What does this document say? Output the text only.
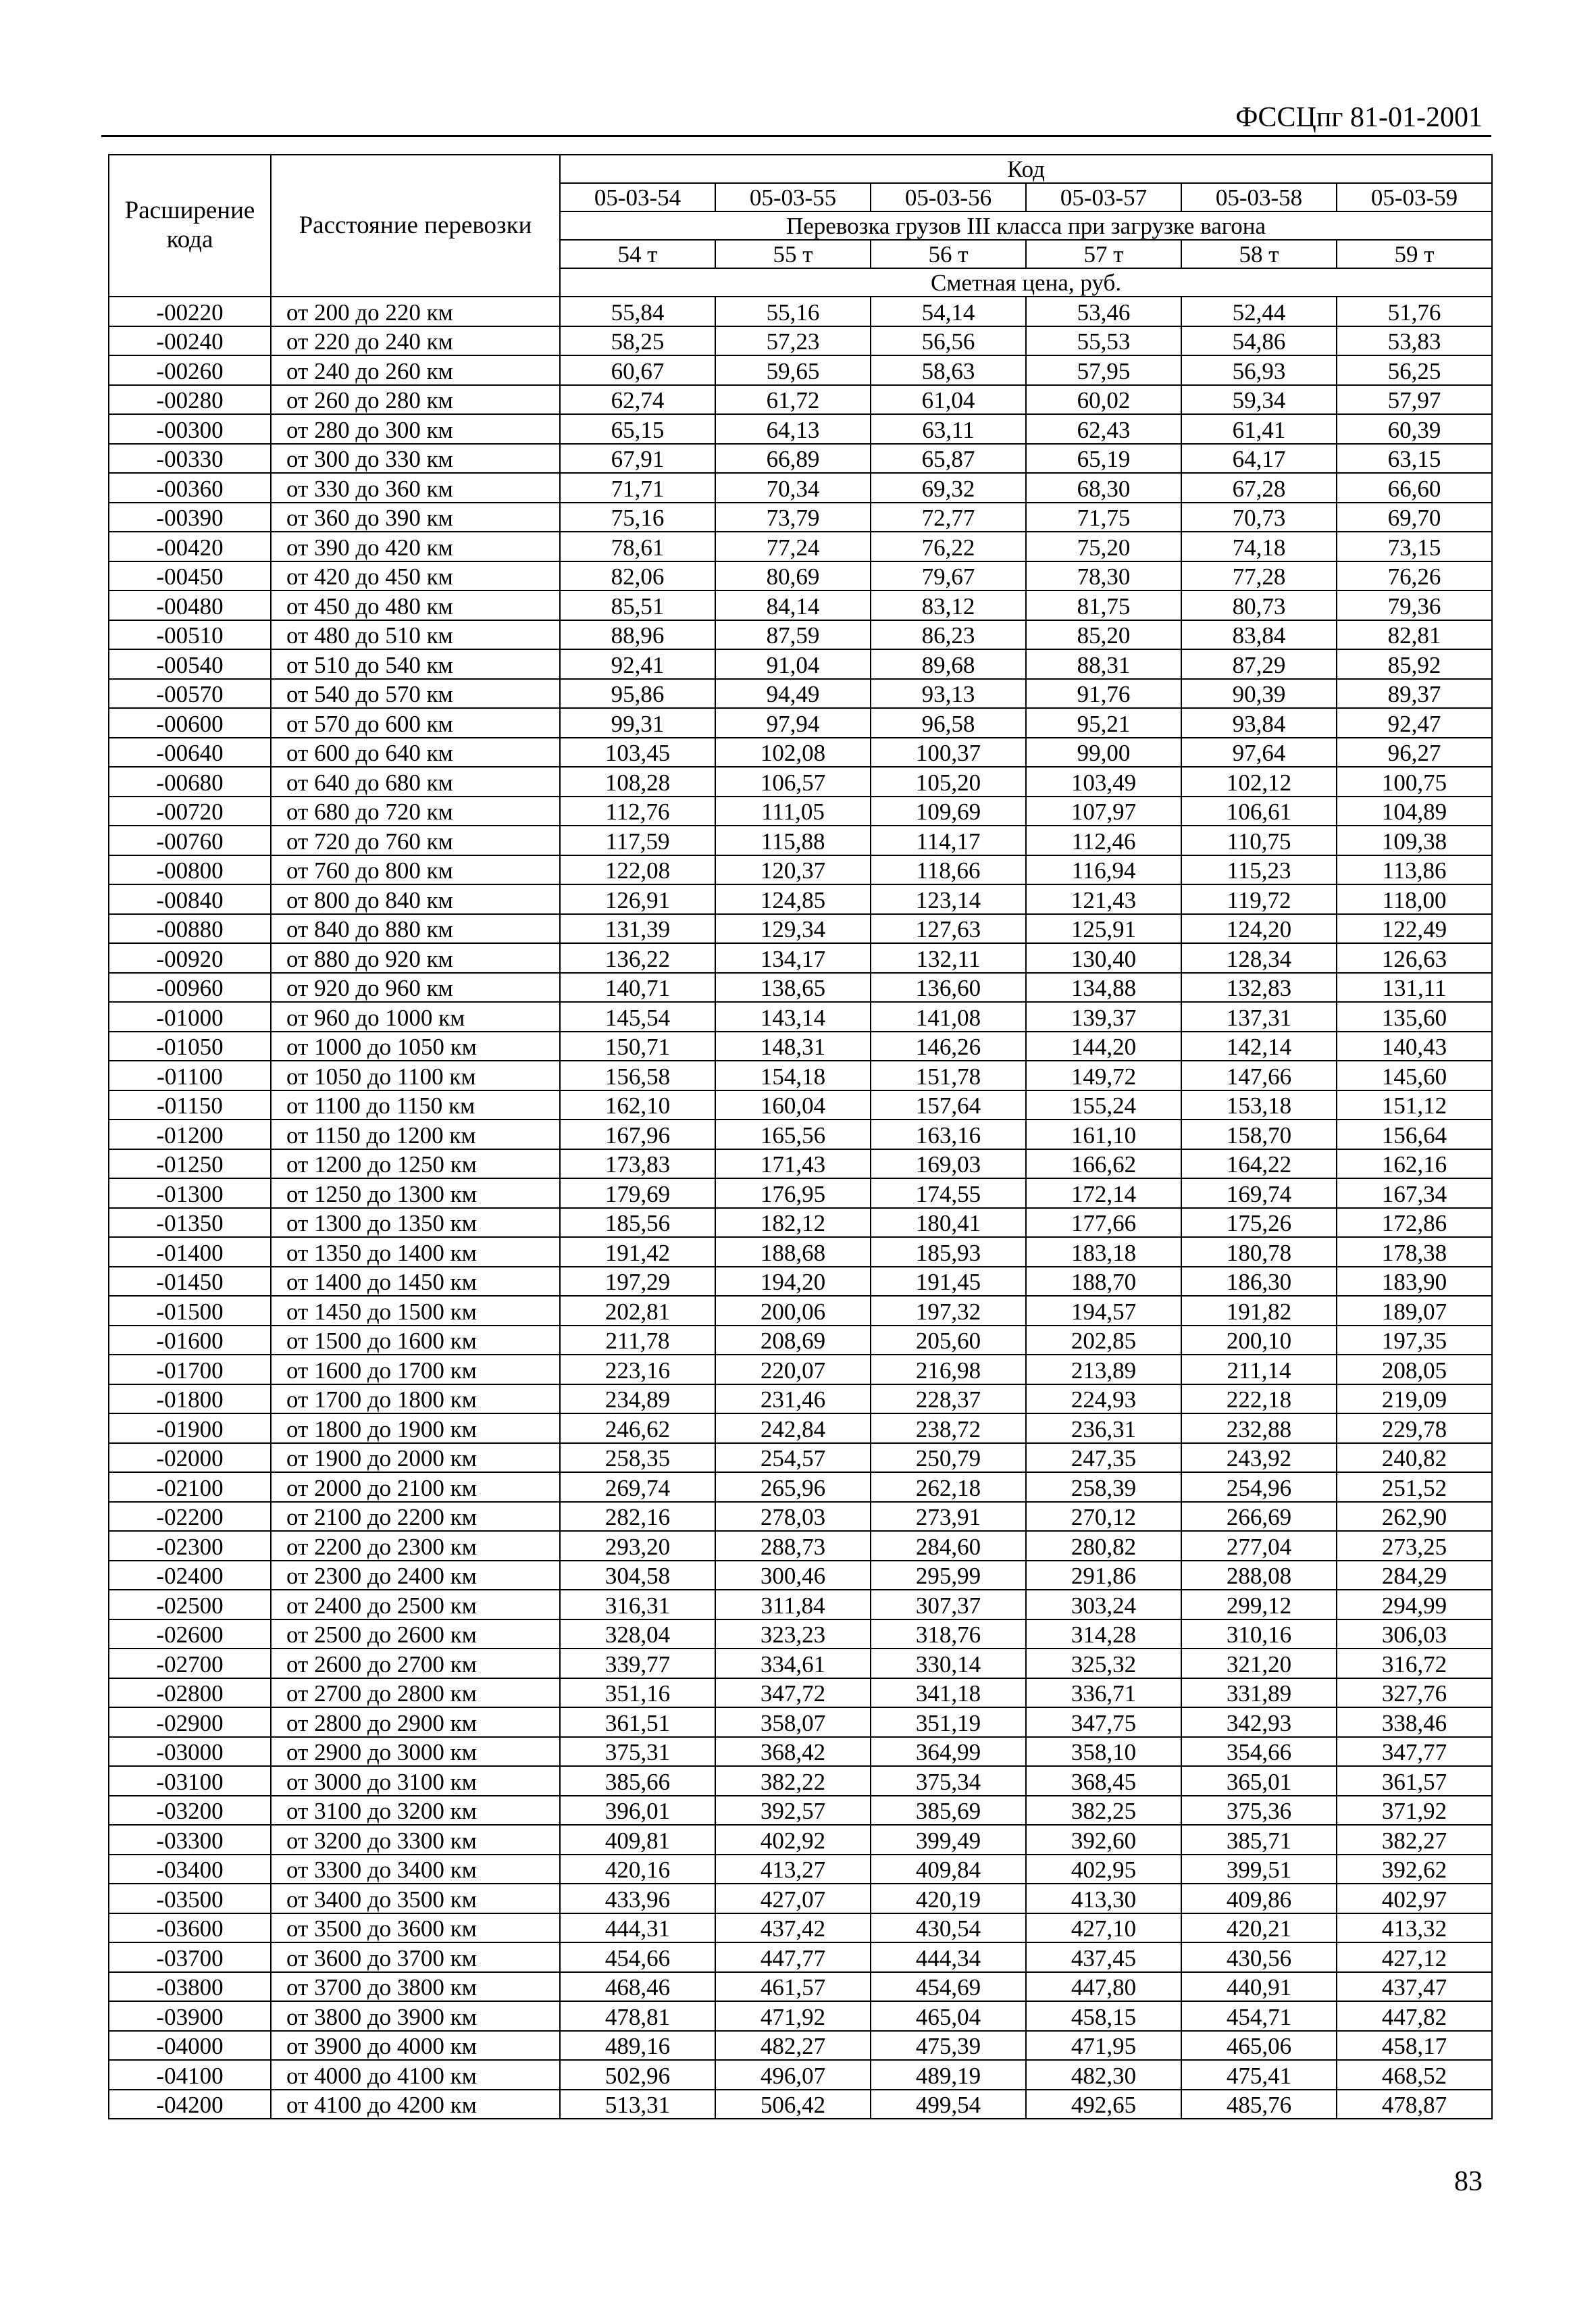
ФССЦпг 81-01-2001
Расширение кода	Расстояние перевозки	Код					
		05-03-54	05-03-55	05-03-56	05-03-57	05-03-58	05-03-59
		Перевозка грузов III класса при загрузке вагона					
		54 т	55 т	56 т	57 т	58 т	59 т
		Сметная цена, руб.					
-00220	от 200 до 220 км	55,84	55,16	54,14	53,46	52,44	51,76
-00240	от 220 до 240 км	58,25	57,23	56,56	55,53	54,86	53,83
-00260	от 240 до 260 км	60,67	59,65	58,63	57,95	56,93	56,25
-00280	от 260 до 280 км	62,74	61,72	61,04	60,02	59,34	57,97
-00300	от 280 до 300 км	65,15	64,13	63,11	62,43	61,41	60,39
-00330	от 300 до 330 км	67,91	66,89	65,87	65,19	64,17	63,15
-00360	от 330 до 360 км	71,71	70,34	69,32	68,30	67,28	66,60
-00390	от 360 до 390 км	75,16	73,79	72,77	71,75	70,73	69,70
-00420	от 390 до 420 км	78,61	77,24	76,22	75,20	74,18	73,15
-00450	от 420 до 450 км	82,06	80,69	79,67	78,30	77,28	76,26
-00480	от 450 до 480 км	85,51	84,14	83,12	81,75	80,73	79,36
-00510	от 480 до 510 км	88,96	87,59	86,23	85,20	83,84	82,81
-00540	от 510 до 540 км	92,41	91,04	89,68	88,31	87,29	85,92
-00570	от 540 до 570 км	95,86	94,49	93,13	91,76	90,39	89,37
-00600	от 570 до 600 км	99,31	97,94	96,58	95,21	93,84	92,47
-00640	от 600 до 640 км	103,45	102,08	100,37	99,00	97,64	96,27
-00680	от 640 до 680 км	108,28	106,57	105,20	103,49	102,12	100,75
-00720	от 680 до 720 км	112,76	111,05	109,69	107,97	106,61	104,89
-00760	от 720 до 760 км	117,59	115,88	114,17	112,46	110,75	109,38
-00800	от 760 до 800 км	122,08	120,37	118,66	116,94	115,23	113,86
-00840	от 800 до 840 км	126,91	124,85	123,14	121,43	119,72	118,00
-00880	от 840 до 880 км	131,39	129,34	127,63	125,91	124,20	122,49
-00920	от 880 до 920 км	136,22	134,17	132,11	130,40	128,34	126,63
-00960	от 920 до 960 км	140,71	138,65	136,60	134,88	132,83	131,11
-01000	от 960 до 1000 км	145,54	143,14	141,08	139,37	137,31	135,60
-01050	от 1000 до 1050 км	150,71	148,31	146,26	144,20	142,14	140,43
-01100	от 1050 до 1100 км	156,58	154,18	151,78	149,72	147,66	145,60
-01150	от 1100 до 1150 км	162,10	160,04	157,64	155,24	153,18	151,12
-01200	от 1150 до 1200 км	167,96	165,56	163,16	161,10	158,70	156,64
-01250	от 1200 до 1250 км	173,83	171,43	169,03	166,62	164,22	162,16
-01300	от 1250 до 1300 км	179,69	176,95	174,55	172,14	169,74	167,34
-01350	от 1300 до 1350 км	185,56	182,12	180,41	177,66	175,26	172,86
-01400	от 1350 до 1400 км	191,42	188,68	185,93	183,18	180,78	178,38
-01450	от 1400 до 1450 км	197,29	194,20	191,45	188,70	186,30	183,90
-01500	от 1450 до 1500 км	202,81	200,06	197,32	194,57	191,82	189,07
-01600	от 1500 до 1600 км	211,78	208,69	205,60	202,85	200,10	197,35
-01700	от 1600 до 1700 км	223,16	220,07	216,98	213,89	211,14	208,05
-01800	от 1700 до 1800 км	234,89	231,46	228,37	224,93	222,18	219,09
-01900	от 1800 до 1900 км	246,62	242,84	238,72	236,31	232,88	229,78
-02000	от 1900 до 2000 км	258,35	254,57	250,79	247,35	243,92	240,82
-02100	от 2000 до 2100 км	269,74	265,96	262,18	258,39	254,96	251,52
-02200	от 2100 до 2200 км	282,16	278,03	273,91	270,12	266,69	262,90
-02300	от 2200 до 2300 км	293,20	288,73	284,60	280,82	277,04	273,25
-02400	от 2300 до 2400 км	304,58	300,46	295,99	291,86	288,08	284,29
-02500	от 2400 до 2500 км	316,31	311,84	307,37	303,24	299,12	294,99
-02600	от 2500 до 2600 км	328,04	323,23	318,76	314,28	310,16	306,03
-02700	от 2600 до 2700 км	339,77	334,61	330,14	325,32	321,20	316,72
-02800	от 2700 до 2800 км	351,16	347,72	341,18	336,71	331,89	327,76
-02900	от 2800 до 2900 км	361,51	358,07	351,19	347,75	342,93	338,46
-03000	от 2900 до 3000 км	375,31	368,42	364,99	358,10	354,66	347,77
-03100	от 3000 до 3100 км	385,66	382,22	375,34	368,45	365,01	361,57
-03200	от 3100 до 3200 км	396,01	392,57	385,69	382,25	375,36	371,92
-03300	от 3200 до 3300 км	409,81	402,92	399,49	392,60	385,71	382,27
-03400	от 3300 до 3400 км	420,16	413,27	409,84	402,95	399,51	392,62
-03500	от 3400 до 3500 км	433,96	427,07	420,19	413,30	409,86	402,97
-03600	от 3500 до 3600 км	444,31	437,42	430,54	427,10	420,21	413,32
-03700	от 3600 до 3700 км	454,66	447,77	444,34	437,45	430,56	427,12
-03800	от 3700 до 3800 км	468,46	461,57	454,69	447,80	440,91	437,47
-03900	от 3800 до 3900 км	478,81	471,92	465,04	458,15	454,71	447,82
-04000	от 3900 до 4000 км	489,16	482,27	475,39	471,95	465,06	458,17
-04100	от 4000 до 4100 км	502,96	496,07	489,19	482,30	475,41	468,52
-04200	от 4100 до 4200 км	513,31	506,42	499,54	492,65	485,76	478,87
83
